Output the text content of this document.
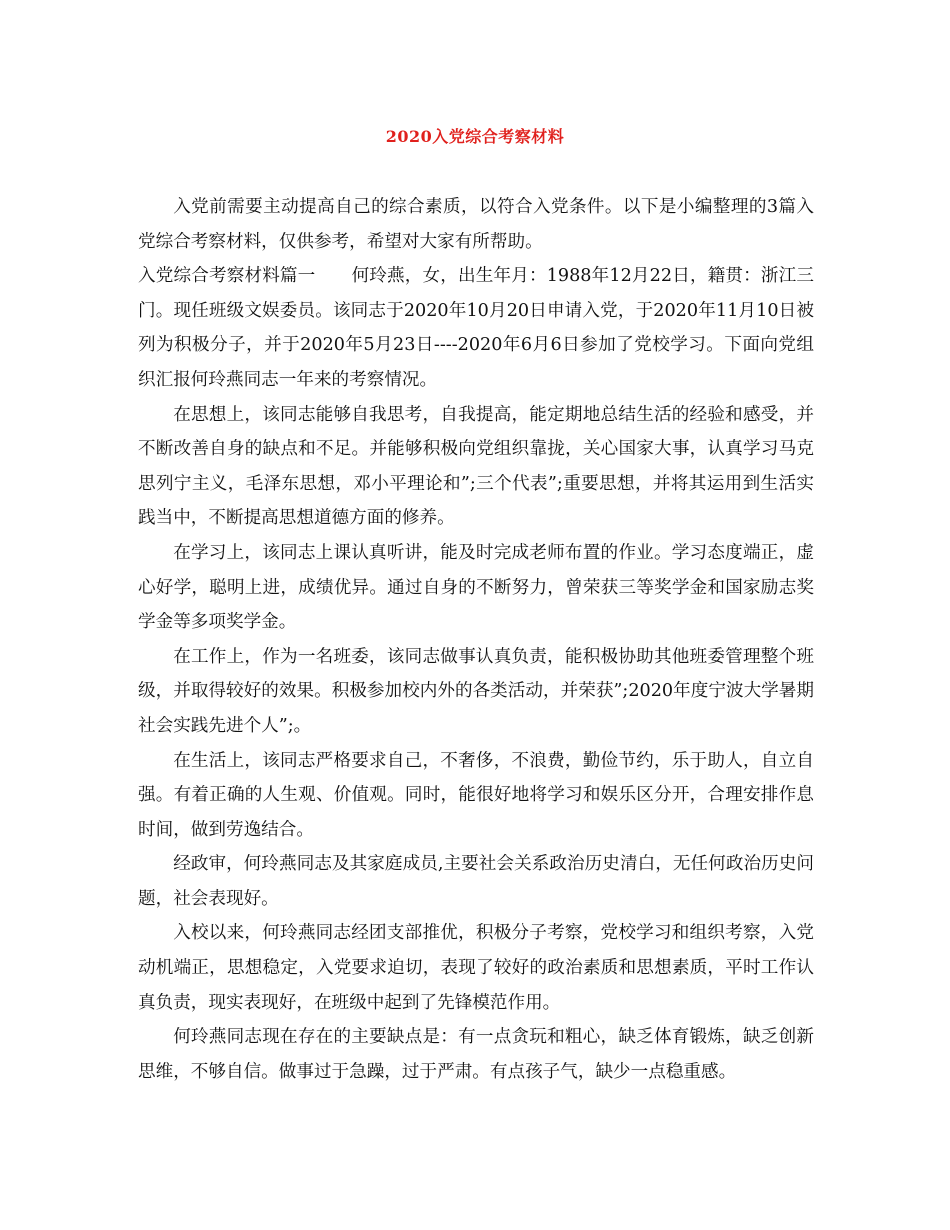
2020入党综合考察材料

入党前需要主动提高自己的综合素质，以符合入党条件。以下是小编整理的3篇入党综合考察材料，仅供参考，希望对大家有所帮助。

入党综合考察材料篇一 何玲燕，女，出生年月：1988年12月22日，籍贯：浙江三门。现任班级文娱委员。该同志于2020年10月20日申请入党，于2020年11月10日被列为积极分子，并于2020年5月23日----2020年6月6日参加了党校学习。下面向党组织汇报何玲燕同志一年来的考察情况。

在思想上，该同志能够自我思考，自我提高，能定期地总结生活的经验和感受，并不断改善自身的缺点和不足。并能够积极向党组织靠拢，关心国家大事，认真学习马克思列宁主义，毛泽东思想，邓小平理论和”;三个代表”;重要思想，并将其运用到生活实践当中，不断提高思想道德方面的修养。

在学习上，该同志上课认真听讲，能及时完成老师布置的作业。学习态度端正，虚心好学，聪明上进，成绩优异。通过自身的不断努力，曾荣获三等奖学金和国家励志奖学金等多项奖学金。

在工作上，作为一名班委，该同志做事认真负责，能积极协助其他班委管理整个班级，并取得较好的效果。积极参加校内外的各类活动，并荣获”;2020年度宁波大学暑期社会实践先进个人”;。

在生活上，该同志严格要求自己，不奢侈，不浪费，勤俭节约，乐于助人，自立自强。有着正确的人生观、价值观。同时，能很好地将学习和娱乐区分开，合理安排作息时间，做到劳逸结合。

经政审，何玲燕同志及其家庭成员,主要社会关系政治历史清白，无任何政治历史问题，社会表现好。

入校以来，何玲燕同志经团支部推优，积极分子考察，党校学习和组织考察，入党动机端正，思想稳定，入党要求迫切，表现了较好的政治素质和思想素质，平时工作认真负责，现实表现好，在班级中起到了先锋模范作用。

何玲燕同志现在存在的主要缺点是：有一点贪玩和粗心，缺乏体育锻炼，缺乏创新思维，不够自信。做事过于急躁，过于严肃。有点孩子气，缺少一点稳重感。
